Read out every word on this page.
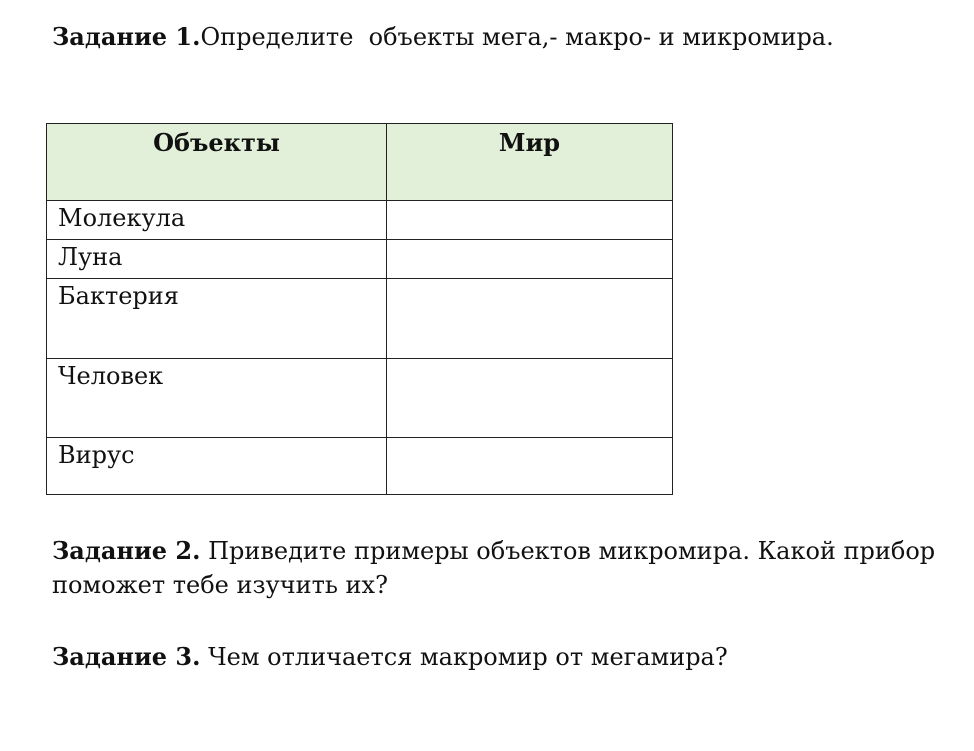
Задание 1.Определите  объекты мега,- макро- и микромира.

Объекты	Мир
Молекула	
Луна	
Бактерия	
Человек	
Вирус	

Задание 2. Приведите примеры объектов микромира. Какой прибор
поможет тебе изучить их?

Задание 3. Чем отличается макромир от мегамира?
